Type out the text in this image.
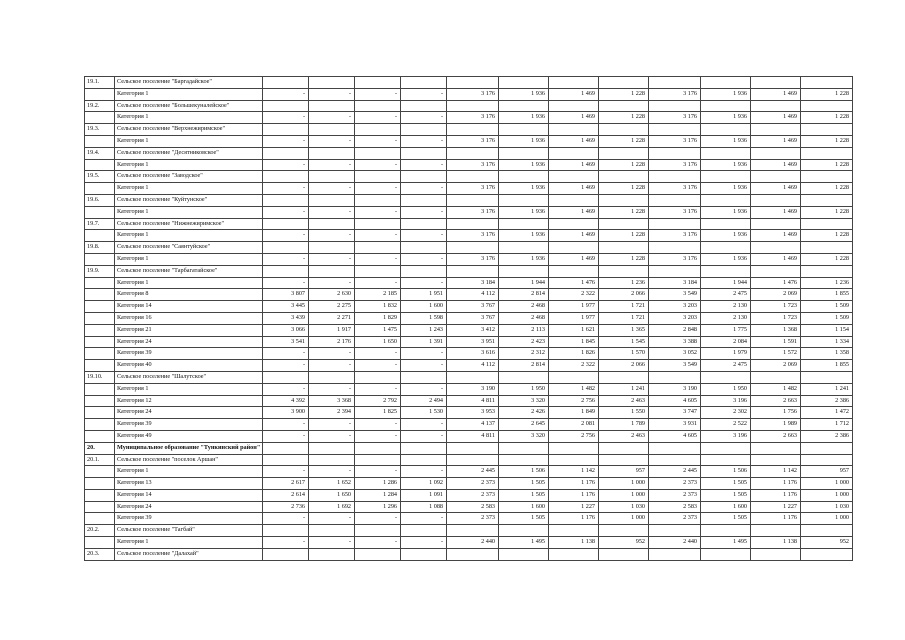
19.1.	Сельское поселение "Баргадайское"												
	Категория 1	-	-	-	-	3 176	1 936	1 469	1 228	3 176	1 936	1 469	1 228
19.2.	Сельское поселение "Большекуналейское"												
	Категория 1	-	-	-	-	3 176	1 936	1 469	1 228	3 176	1 936	1 469	1 228
19.3.	Сельское поселение "Верхнежиримское"												
	Категория 1	-	-	-	-	3 176	1 936	1 469	1 228	3 176	1 936	1 469	1 228
19.4.	Сельское поселение "Десятниковское"												
	Категория 1	-	-	-	-	3 176	1 936	1 469	1 228	3 176	1 936	1 469	1 228
19.5.	Сельское поселение "Заводское"												
	Категория 1	-	-	-	-	3 176	1 936	1 469	1 228	3 176	1 936	1 469	1 228
19.6.	Сельское поселение "Куйтунское"												
	Категория 1	-	-	-	-	3 176	1 936	1 469	1 228	3 176	1 936	1 469	1 228
19.7.	Сельское поселение "Нижнежиримское"												
	Категория 1	-	-	-	-	3 176	1 936	1 469	1 228	3 176	1 936	1 469	1 228
19.8.	Сельское поселение "Саянтуйское"												
	Категория 1	-	-	-	-	3 176	1 936	1 469	1 228	3 176	1 936	1 469	1 228
19.9.	Сельское поселение "Тарбагатайское"												
	Категория 1	-	-	-	-	3 184	1 944	1 476	1 236	3 184	1 944	1 476	1 236
	Категория 8	3 807	2 630	2 185	1 951	4 112	2 814	2 322	2 066	3 549	2 475	2 069	1 855
	Категория 14	3 445	2 275	1 832	1 600	3 767	2 468	1 977	1 721	3 203	2 130	1 723	1 509
	Категория 16	3 439	2 271	1 829	1 598	3 767	2 468	1 977	1 721	3 203	2 130	1 723	1 509
	Категория 21	3 066	1 917	1 475	1 243	3 412	2 113	1 621	1 365	2 848	1 775	1 368	1 154
	Категория 24	3 541	2 176	1 650	1 391	3 951	2 423	1 845	1 545	3 388	2 084	1 591	1 334
	Категория 39	-	-	-	-	3 616	2 312	1 826	1 570	3 052	1 979	1 572	1 358
	Категория 40	-	-	-	-	4 112	2 814	2 322	2 066	3 549	2 475	2 069	1 855
19.10.	Сельское поселение "Шалутское"												
	Категория 1	-	-	-	-	3 190	1 950	1 482	1 241	3 190	1 950	1 482	1 241
	Категория 12	4 392	3 368	2 792	2 494	4 811	3 320	2 756	2 463	4 605	3 196	2 663	2 386
	Категория 24	3 900	2 394	1 825	1 530	3 953	2 426	1 849	1 550	3 747	2 302	1 756	1 472
	Категория 39	-	-	-	-	4 137	2 645	2 081	1 789	3 931	2 522	1 989	1 712
	Категория 49	-	-	-	-	4 811	3 320	2 756	2 463	4 605	3 196	2 663	2 386
20.	Муниципальное образование "Тункинский район"												
20.1.	Сельское поселение "поселок Аршан"												
	Категория 1	-	-	-	-	2 445	1 506	1 142	957	2 445	1 506	1 142	957
	Категория 13	2 617	1 652	1 286	1 092	2 373	1 505	1 176	1 000	2 373	1 505	1 176	1 000
	Категория 14	2 614	1 650	1 284	1 091	2 373	1 505	1 176	1 000	2 373	1 505	1 176	1 000
	Категория 24	2 736	1 692	1 296	1 088	2 583	1 600	1 227	1 030	2 583	1 600	1 227	1 030
	Категория 39	-	-	-	-	2 373	1 505	1 176	1 000	2 373	1 505	1 176	1 000
20.2.	Сельское поселение "Тагбай"												
	Категория 1	-	-	-	-	2 440	1 495	1 138	952	2 440	1 495	1 138	952
20.3.	Сельское поселение "Далахай"												
